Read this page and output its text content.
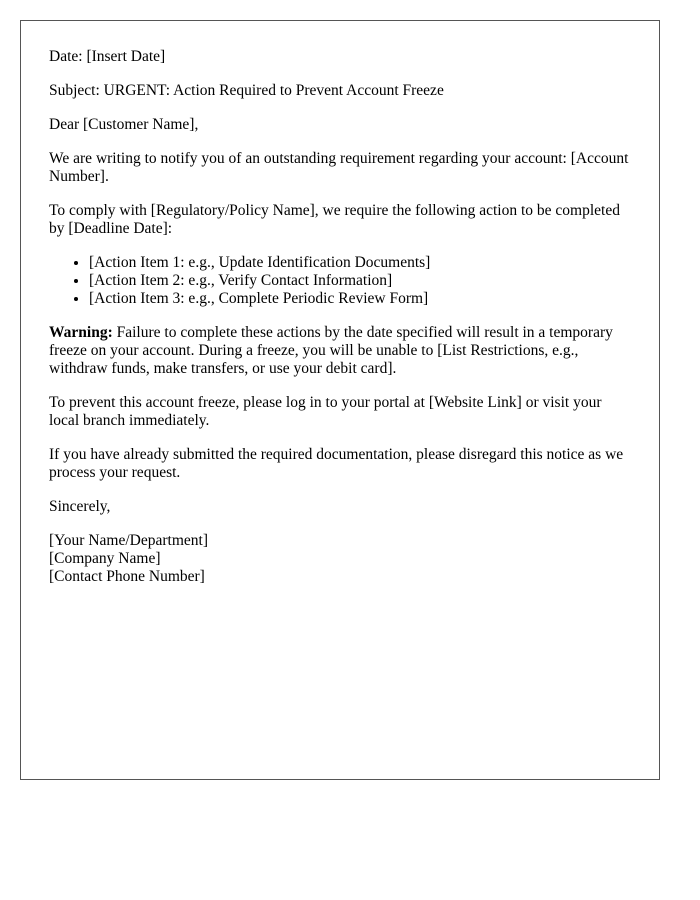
Date: [Insert Date]

Subject: URGENT: Action Required to Prevent Account Freeze

Dear [Customer Name],

We are writing to notify you of an outstanding requirement regarding your account: [Account Number].

To comply with [Regulatory/Policy Name], we require the following action to be completed by [Deadline Date]:

• [Action Item 1: e.g., Update Identification Documents]
• [Action Item 2: e.g., Verify Contact Information]
• [Action Item 3: e.g., Complete Periodic Review Form]

Warning: Failure to complete these actions by the date specified will result in a temporary freeze on your account. During a freeze, you will be unable to [List Restrictions, e.g., withdraw funds, make transfers, or use your debit card].

To prevent this account freeze, please log in to your portal at [Website Link] or visit your local branch immediately.

If you have already submitted the required documentation, please disregard this notice as we process your request.

Sincerely,

[Your Name/Department]
[Company Name]
[Contact Phone Number]
